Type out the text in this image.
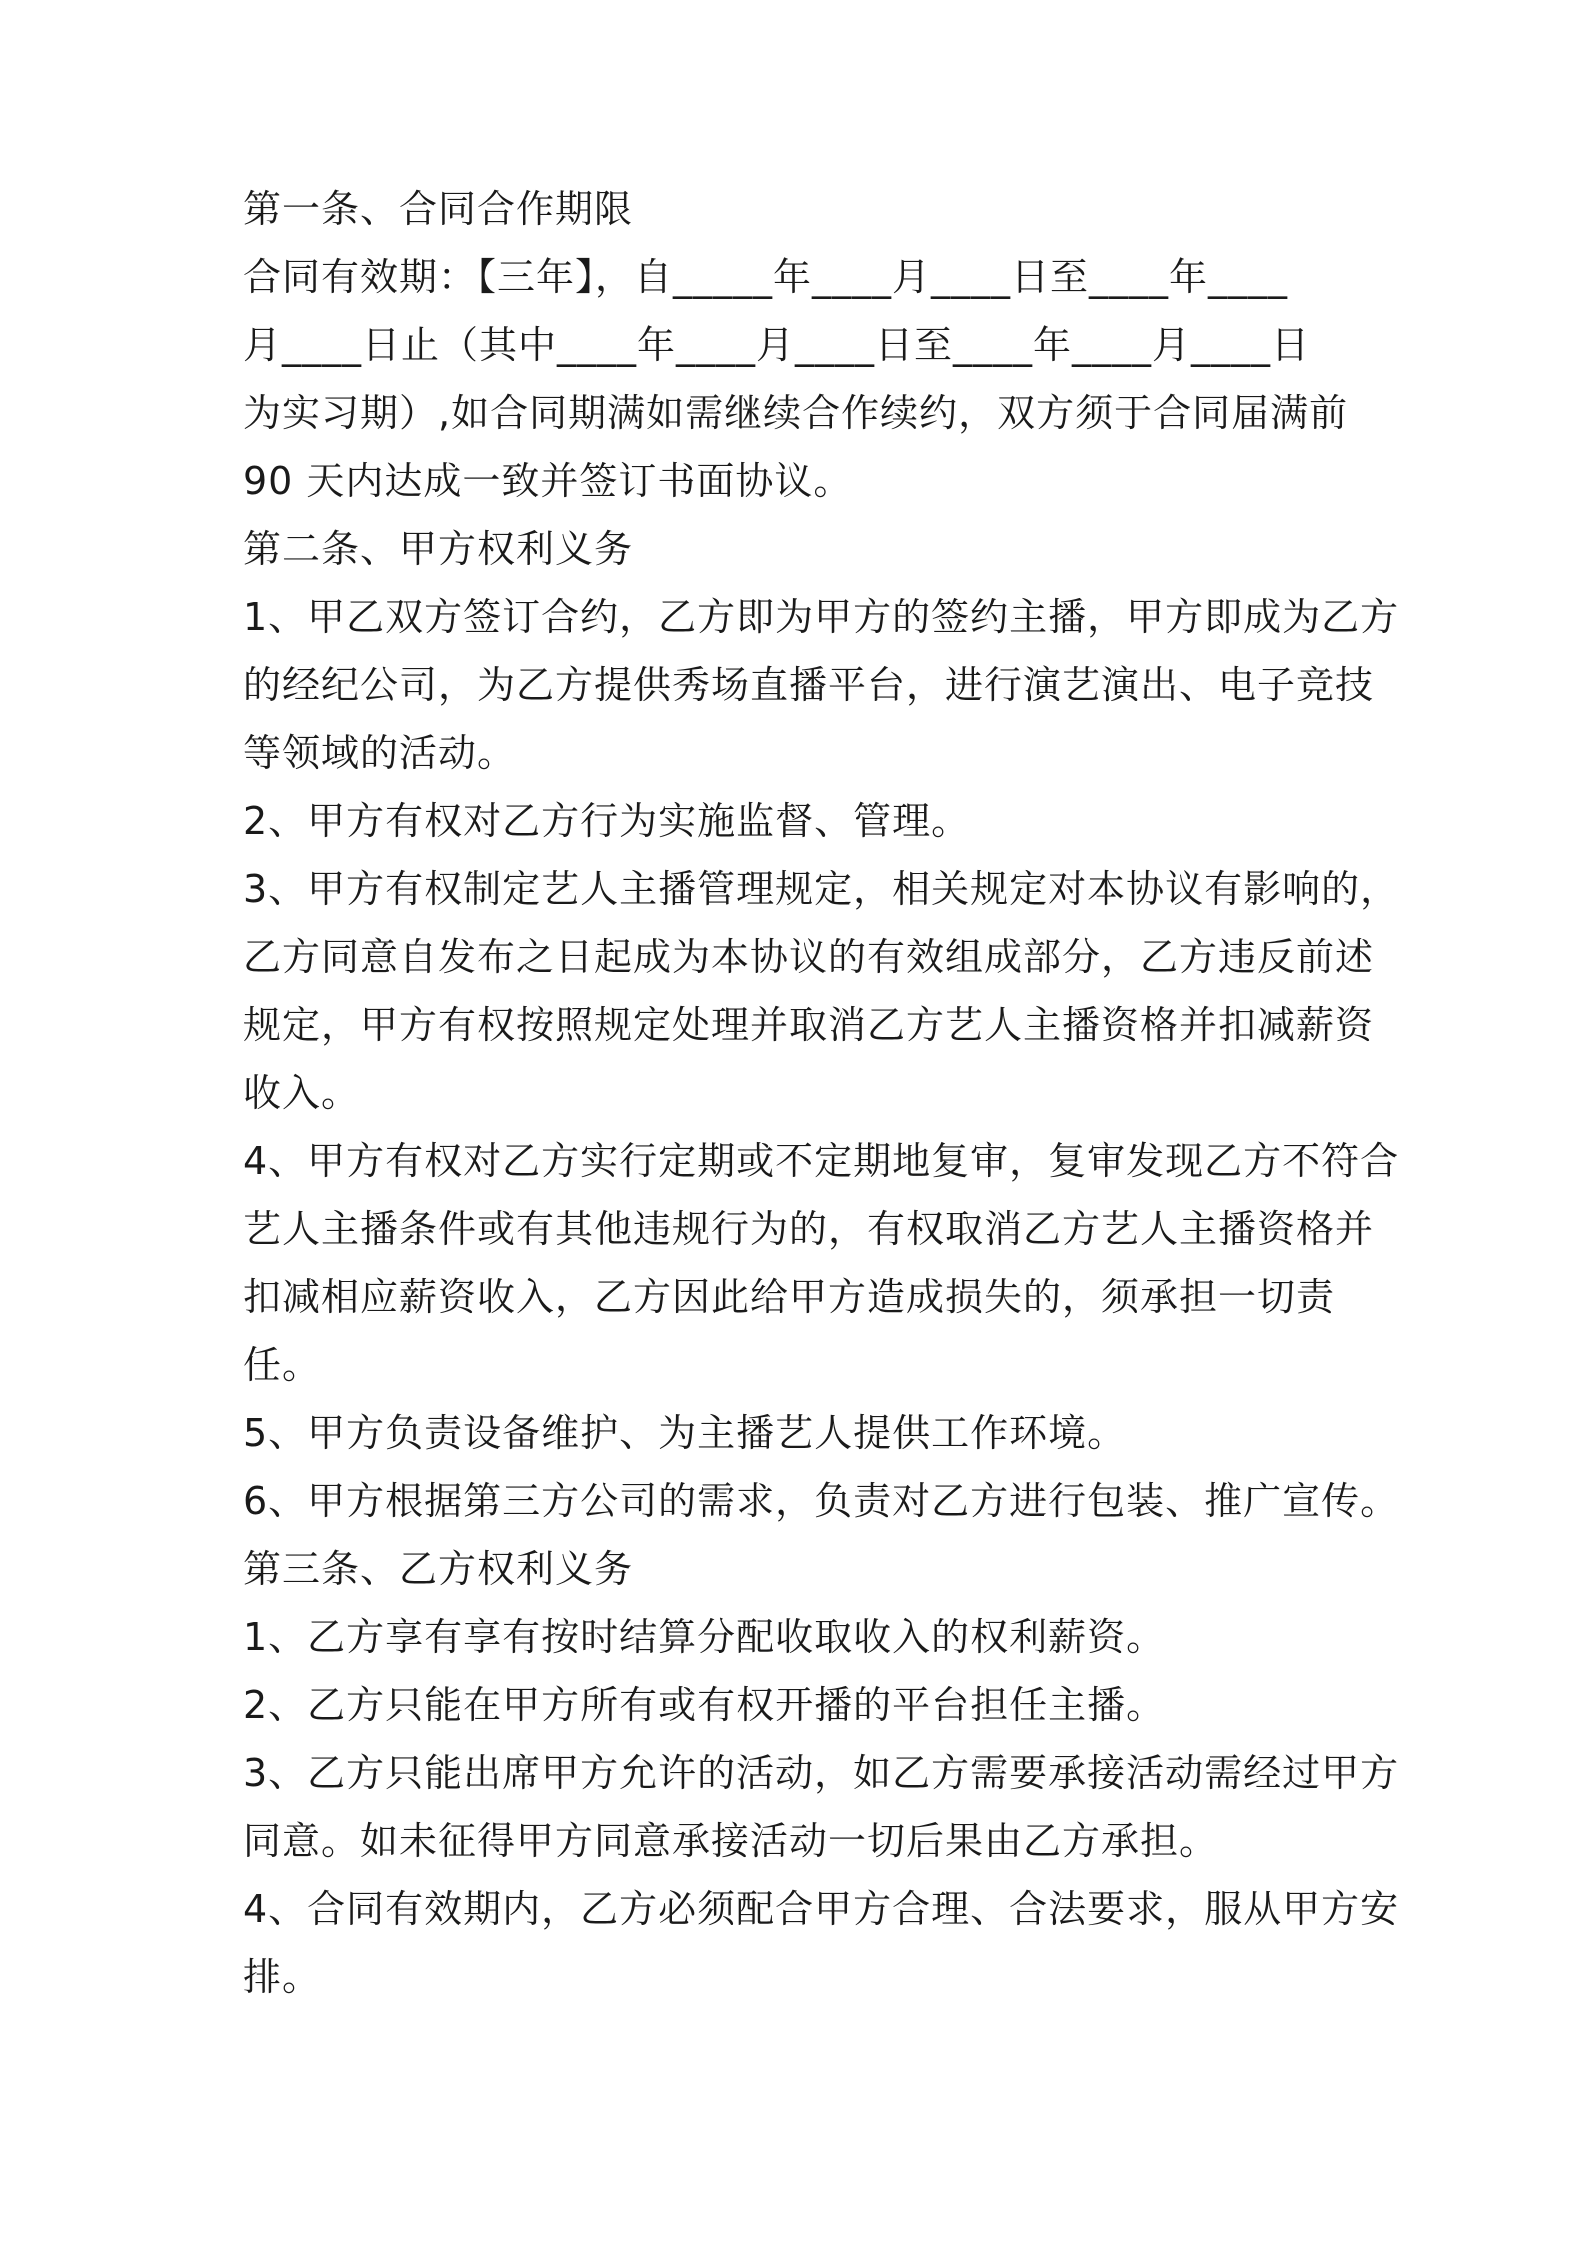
第一条、合同合作期限
合同有效期：【三年】，自_____年____月____日至____年____
月____日止（其中____年____月____日至____年____月____日
为实习期）,如合同期满如需继续合作续约，双方须于合同届满前
90 天内达成一致并签订书面协议。
第二条、甲方权利义务
1、甲乙双方签订合约，乙方即为甲方的签约主播，甲方即成为乙方
的经纪公司，为乙方提供秀场直播平台，进行演艺演出、电子竞技
等领域的活动。
2、甲方有权对乙方行为实施监督、管理。
3、甲方有权制定艺人主播管理规定，相关规定对本协议有影响的，
乙方同意自发布之日起成为本协议的有效组成部分，乙方违反前述
规定，甲方有权按照规定处理并取消乙方艺人主播资格并扣减薪资
收入。
4、甲方有权对乙方实行定期或不定期地复审，复审发现乙方不符合
艺人主播条件或有其他违规行为的，有权取消乙方艺人主播资格并
扣减相应薪资收入，乙方因此给甲方造成损失的，须承担一切责
任。
5、甲方负责设备维护、为主播艺人提供工作环境。
6、甲方根据第三方公司的需求，负责对乙方进行包装、推广宣传。
第三条、乙方权利义务
1、乙方享有享有按时结算分配收取收入的权利薪资。
2、乙方只能在甲方所有或有权开播的平台担任主播。
3、乙方只能出席甲方允许的活动，如乙方需要承接活动需经过甲方
同意。如未征得甲方同意承接活动一切后果由乙方承担。
4、合同有效期内，乙方必须配合甲方合理、合法要求，服从甲方安
排。
